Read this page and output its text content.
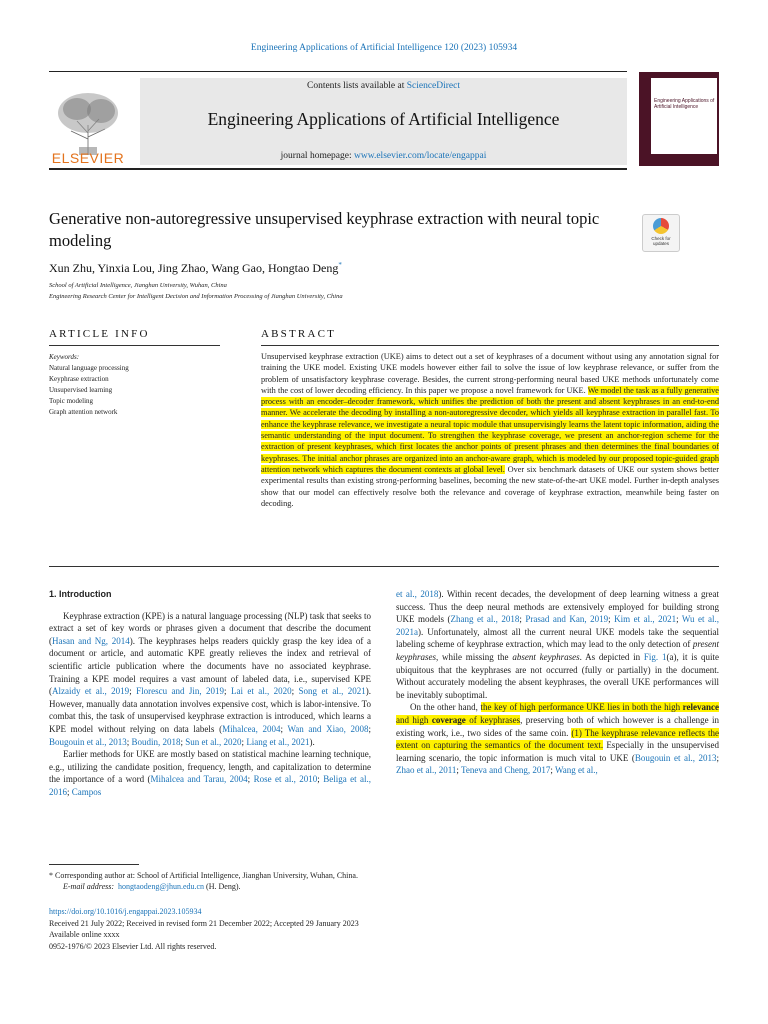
Engineering Applications of Artificial Intelligence 120 (2023) 105934
ELSEVIER
Contents lists available at ScienceDirect
Engineering Applications of Artificial Intelligence
journal homepage: www.elsevier.com/locate/engappai
Engineering Applications of Artificial Intelligence
Generative non-autoregressive unsupervised keyphrase extraction with neural topic modeling	Check for updates
Xun Zhu, Yinxia Lou, Jing Zhao, Wang Gao, Hongtao Deng*
School of Artificial Intelligence, Jianghan University, Wuhan, China
Engineering Research Center for Intelligent Decision and Information Processing of Jianghan University, China
ARTICLE INFO	ABSTRACT
Keywords:
Natural language processing
Keyphrase extraction
Unsupervised learning
Topic modeling
Graph attention network
Unsupervised keyphrase extraction (UKE) aims to detect out a set of keyphrases of a document without using any annotation signal for training the UKE model. Existing UKE models however either fail to solve the issue of low keyphrase relevance, or suffer from the problem of unsatisfactory keyphrase coverage. Besides, the current strong-performing neural based UKE methods unfortunately come with the cost of lower decoding efficiency. In this paper we propose a novel framework for UKE. We model the task as a fully generative process with an encoder–decoder framework, which unifies the prediction of both the present and absent keyphrases in an end-to-end manner. We accelerate the decoding by installing a non-autoregressive decoder, which yields all keyphrase extraction in parallel fast. To enhance the keyphrase relevance, we investigate a neural topic module that unsupervisingly learns the latent topic information, aiding the semantic understanding of the input document. To strengthen the keyphrase coverage, we present an anchor-region scheme for the extraction of present keyphrases, which first locates the anchor points of present phrases and then determines the final boundaries of keyphrases. The initial anchor phrases are organized into an anchor-aware graph, which is modeled by our proposed topic-guided graph attention network which captures the document contexts at global level. Over six benchmark datasets of UKE our system shows better experimental results than existing strong-performing baselines, becoming the new state-of-the-art UKE model. Further in-depth analyses show that our model can effectively resolve both the relevance and coverage of keyphrase extraction, meanwhile being faster on decoding.

1. Introduction

Keyphrase extraction (KPE) is a natural language processing (NLP) task that seeks to extract a set of key words or phrases given a document that describe the document (Hasan and Ng, 2014). The keyphrases helps readers quickly grasp the key idea of a document or article, and automatic KPE greatly relieves the index and retrieval of scientific article publication where the documents have no associated keyphrase. Training a KPE model requires a vast amount of labeled data, i.e., supervised KPE (Alzaidy et al., 2019; Florescu and Jin, 2019; Lai et al., 2020; Song et al., 2021). However, manually data annotation involves expensive cost, which is labor-intensive. To combat this, the task of unsupervised keyphrase extraction is introduced, which learns a KPE model without relying on data labels (Mihalcea, 2004; Wan and Xiao, 2008; Bougouin et al., 2013; Boudin, 2018; Sun et al., 2020; Liang et al., 2021).

Earlier methods for UKE are mostly based on statistical machine learning technique, e.g., utilizing the candidate position, frequency, length, and capitalization to determine the importance of a word (Mihalcea and Tarau, 2004; Rose et al., 2010; Beliga et al., 2016; Campos

et al., 2018). Within recent decades, the development of deep learning witness a great success. Thus the deep neural methods are extensively employed for building strong UKE models (Zhang et al., 2018; Prasad and Kan, 2019; Kim et al., 2021; Wu et al., 2021a). Unfortunately, almost all the current neural UKE models take the sequential labeling scheme of keyphrase extraction, which may lead to the only detection of present keyphrases, while missing the absent keyphrases. As depicted in Fig. 1(a), it is quite ubiquitous that the keyphrases are not occurred (fully or partially) in the document. Without accurately modeling the absent keyphrases, the overall UKE performances will be inevitably suboptimal.

On the other hand, the key of high performance UKE lies in both the high relevance and high coverage of keyphrases, preserving both of which however is a challenge in existing work, i.e., two sides of the same coin. (1) The keyphrase relevance reflects the extent on capturing the semantics of the document text. Especially in the unsupervised learning scenario, the topic information is much vital to UKE (Bougouin et al., 2013; Zhao et al., 2011; Teneva and Cheng, 2017; Wang et al.,

* Corresponding author at: School of Artificial Intelligence, Jianghan University, Wuhan, China.
E-mail address: hongtaodeng@jhun.edu.cn (H. Deng).
https://doi.org/10.1016/j.engappai.2023.105934
Received 21 July 2022; Received in revised form 21 December 2022; Accepted 29 January 2023
Available online xxxx
0952-1976/© 2023 Elsevier Ltd. All rights reserved.
